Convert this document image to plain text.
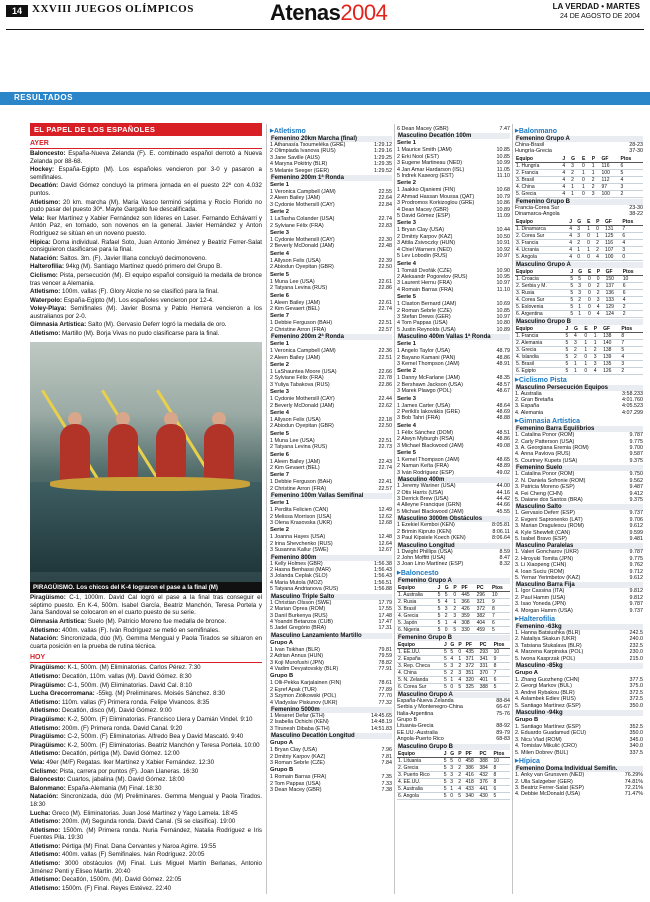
14 XXVIII JUEGOS OLÍMPICOS	Atenas2004	LA VERDAD • MARTES
24 DE AGOSTO DE 2004
RESULTADOS
EL PAPEL DE LOS ESPAÑOLES
AYER
Baloncesto: España-Nueva Zelanda (F). E. combinado español derrotó a Nueva Zelanda por 88-68.
Hockey: España-Egipto (M). Los españoles vencieron por 3-0 y pasaron a semifinales.
Decatlón: David Gómez concluyó la primera jornada en el puesto 22º con 4.032 puntos.
Atletismo: 20 km. marcha (M). María Vasco terminó séptima y Rocío Florido no pudo pasar del puesto 30º. Mayte Gargallo fue descalificada.
Vela: Iker Martínez y Xabier Fernández son líderes en Laser. Fernando Echávarri y Antón Paz, en tornado, son novenos en la general. Javier Hernández y Anton Rodríguez se sitúan en un noveno puesto.
Hípica: Doma individual. Rafael Soto, Juan Antonio Jiménez y Beatriz Ferrer-Salat consiguieron clasificarse para la final.
Natación: Saltos. 3m. (F). Javier Illana concluyó decimonoveno.
Halterofilia: 94kg (M). Santiago Martínez quedó primero del Grupo B.
Ciclismo: Pista, persecución (M). El equipo español consiguió la medalla de bronce tras vencer a Alemania.
Atletismo: 100m. vallas (F). Glory Alozie no se clasificó para la final.
Waterpolo: España-Egipto (M). Los españoles vencieron por 12-4.
Voley-Playa: Semifinales (M). Javier Bosma y Pablo Herrera vencieron a los australianos por 2-0.
Gimnasia Artística: Salto (M). Gervasio Deferr logró la medalla de oro.
Atletismo: Martillo (M). Borja Vivas no pudo clasificarse para la final.
PIRAGÜISMO. Los chicos del K-4 lograron el pase a la final (M)
Piragüismo: C-1, 1000m. David Cal logró el pase a la final tras conseguir el séptimo puesto. En K-4, 500m. Isabel García, Beatriz Manchón, Teresa Portela y Jana Sandoval se colocaron en el cuarto puesto de su serie.
Gimnasia Artística: Suelo (M). Patricio Moreno fue medalla de bronce.
Atletismo: 400m. vallas (F). Iván Rodríguez se metió en semifinales.
Natación: Sincronizada, dúo (M). Gemma Mengual y Paola Tirados se situaron en cuarta posición en la prueba de rutina técnica.
HOY
Piragüismo: K-1, 500m. (M) Eliminatorias. Carlos Pérez. 7:30
Atletismo: Decatlón, 110m. vallas (M). David Gómez. 8:30
Piragüismo: C-1, 500m. (M) Eliminatorias. David Cal. 8:10
Lucha Grecorromana: -55kg. (M) Preliminares. Moisés Sánchez. 8:30
Atletismo: 110m. vallas (F) Primera ronda. Felipe Vivancos. 8:35
Atletismo: Decatlón, disco (M). David Gómez. 9:00
Piragüismo: K-2, 500m. (F) Eliminatorias. Francisco Llera y Damián Vindel. 9:10
Atletismo: 200m. (F) Primera ronda. David Canal. 9:20
Piragüismo: C-2, 500m. (F) Eliminatorias. Alfredo Bea y David Mascató. 9:40
Piragüismo: K-2, 500m. (F) Eliminatorias. Beatriz Manchón y Teresa Portela. 10:00
Atletismo: Decatlón, pértiga (M). David Gómez. 12:00
Vela: 49er (M/F) Regatas. Iker Martínez y Xabier Fernández. 12:30
Ciclismo: Pista, carrera por puntos (F). Joan Llaneras. 16:30
Baloncesto: Cuartos, jabalina (M). David Gómez. 18:00
Balonmano: España-Alemania (M) Final. 18:30
Natación: Sincronizada, dúo (M) Preliminares. Gemma Mengual y Paola Tirados. 18:30
Lucha: Greco (M). Eliminatorias. Juan José Martínez y Yago Lamela. 18:45
Atletismo: 200m. (M) Segunda ronda. David Canal. (Si se clasifica). 19:00
Atletismo: 1500m. (M) Primera ronda. Nuria Fernández, Natalia Rodríguez e Iris Fuentes Pila. 19:30
Atletismo: Pértiga (M) Final. Dana Cervantes y Naroa Agirre. 19:55
Atletismo: 400m. vallas (F) Semifinales. Iván Rodríguez. 20:05
Atletismo: 3000 obstáculos (M) Final. Luis Miguel Martín Berlanas, Antonio Jiménez Penti y Eliseo Martín. 20:40
Atletismo: Decatlón, 1500m. (M). David Gómez. 22:05
Atletismo: 1500m. (F) Final. Reyes Estévez. 22:40
▶ Atletismo
Femenino 20km Marcha (final)
1 Athanasía Tsoumeléka (GRE)	1:29.12
2 Olimpiada Ivanova (RUS)	1:29.16
3 Jane Saville (AUS)	1:29.25
4 Maryna Pokitriy (BLR)	1:29.35
5 Melanie Seeger (GER)	1:29.52
Femenino 200m 1ª Ronda
Serie 1
1 Veronica Campbell (JAM)	22.55
2 Aleen Bailey (JAM)	22.64
3 Cydonie Mothersill (CAY)	22.84
Serie 2
1 LaTasha Colander (USA)	22.74
2 Sylviane Félix (FRA)	22.83
Serie 3
1 Cydonie Mothersill (CAY)	22.30
2 Beverly McDonald (JAM)	22.48
Serie 4
1 Allyson Felix (USA)	22.39
2 Abiodun Oyepitan (GBR)	22.50
Serie 5
1 Muna Lee (USA)	22.61
2 Tatyana Levina (RUS)	22.86
Serie 6
1 Aleen Bailey (JAM)	22.61
2 Kim Gevaert (BEL)	22.74
Serie 7
1 Debbie Ferguson (BAH)	22.51
2 Christine Arron (FRA)	22.57
Femenino 200m 2ª Ronda
Serie 1
1 Veronica Campbell (JAM)	22.36
2 Aleen Bailey (JAM)	22.51
Serie 2
1 LaShauntea Moore (USA)	22.66
2 Sylviane Félix (FRA)	22.78
3 Yuliya Tabakova (RUS)	22.86
Serie 3
1 Cydonie Mothersill (CAY)	22.44
2 Beverly McDonald (JAM)	22.62
Serie 4
1 Allyson Felix (USA)	22.18
2 Abiodun Oyepitan (GBR)	22.50
Serie 5
1 Muna Lee (USA)	22.51
2 Tatyana Levina (RUS)	22.73
Serie 6
1 Aleen Bailey (JAM)	22.43
2 Kim Gevaert (BEL)	22.74
Serie 7
1 Debbie Ferguson (BAH)	22.41
2 Christine Arron (FRA)	22.57
Femenino 100m Vallas Semifinal
Serie 1
1 Perdita Felicien (CAN)	12.49
2 Melissa Morrison (USA)	12.62
3 Olena Krasovska (UKR)	12.68
Serie 2
1 Joanna Hayes (USA)	12.48
2 Irina Shevchenko (RUS)	12.64
3 Susanna Kallur (SWE)	12.67
Femenino 800m
1 Kelly Holmes (GBR)	1:56.38
2 Hasna Benhassi (MAR)	1:56.43
3 Jolanda Ceplak (SLO)	1:56.43
4 Maria Mutola (MOZ)	1:56.51
5 Tatyana Andrianova (RUS)	1:56.88
Masculino Triple Salto
1 Christian Olsson (SWE)	17.79
2 Marian Oprea (ROM)	17.55
3 Danil Burkenya (RUS)	17.48
4 Yoandri Betanzos (CUB)	17.47
5 Jadel Gregório (BRA)	17.31
Masculino Lanzamiento Martillo
Grupo A
1 Ivan Tsikhan (BLR)	79.81
2 Adrian Annus (HUN)	79.59
3 Koji Murofushi (JPN)	78.82
4 Vadim Devyatovskiy (BLR)	77.91
Grupo B
1 Olli-Pekka Karjalainen (FIN)	78.61
2 Eşref Apak (TUR)	77.89
3 Szymon Ziółkowski (POL)	77.70
4 Vladyslav Piskunov (UKR)	77.32
Femenino 5000m
1 Meseret Defar (ETH)	14:45.65
2 Isabella Ochichi (KEN)	14:48.19
3 Tirunesh Dibaba (ETH)	14:51.83
Masculino Decatlón Longitud
Grupo A
1 Bryan Clay (USA)	7.96
2 Dmitriy Karpov (KAZ)	7.81
3 Roman Šebrle (CZE)	7.84
Grupo B
1 Romain Barras (FRA)	7.35
2 Tom Pappas (USA)	7.33
3 Dean Macey (GBR)	7.38
6 Dean Macey (GBR)	7.47
Masculino Decatlón 100m
Serie 1
1 Maurice Smith (JAM)	10.85
2 Erki Nool (EST)	10.85
3 Eugene Martineau (NED)	10.99
4 Jan Amar Hardarson (ISL)	11.05
5 Indrek Kaseorg (EST)	11.10
Serie 2
1 Jaakko Ojaniemi (FIN)	10.68
2 Ahmad Hassan Moussa (QAT)	10.79
3 Prodromos Korkizoglou (GRE)	10.86
4 Dean Macey (GBR)	10.89
5 David Gómez (ESP)	11.09
Serie 3
1 Bryan Clay (USA)	10.44
2 Dmitriy Karpov (KAZ)	10.50
3 Attila Zsivoczky (HUN)	10.91
4 Chiel Warners (NED)	10.92
5 Lev Lobodin (RUS)	10.97
Serie 4
1 Tomáš Dvořák (CZE)	10.90
2 Aleksandr Pogorelov (RUS)	10.95
3 Laurent Hernu (FRA)	10.97
4 Romain Barras (FRA)	11.10
Serie 5
1 Claston Bernard (JAM)	10.69
2 Roman Šebrle (CZE)	10.85
3 Stefan Drews (GER)	10.97
4 Tom Pappas (USA)	10.80
5 Justin Reynolds (USA)	10.89
Masculino 400m Vallas 1ª Ronda
Serie 1
1 Angelo Taylor (USA)	48.79
2 Bayano Kamani (PAN)	48.86
3 Kemel Thompson (JAM)	48.91
Serie 2
1 Danny McFarlane (JAM)	48.35
2 Bershawn Jackson (USA)	48.57
3 Marek Plawgo (POL)	48.67
Serie 3
1 James Carter (USA)	48.64
2 Periklís Iakovákis (GRE)	48.69
3 Bob Tahri (FRA)	48.88
Serie 4
1 Félix Sánchez (DOM)	48.51
2 Alwyn Myburgh (RSA)	48.86
3 Michael Blackwood (JAM)	49.08
Serie 5
1 Kemel Thompson (JAM)	48.65
2 Naman Keïta (FRA)	48.89
3 Iván Rodríguez (ESP)	49.02
Masculino 400m
1 Jeremy Wariner (USA)	44.00
2 Otis Harris (USA)	44.16
3 Derrick Brew (USA)	44.42
4 Alleyne Francique (GRN)	44.66
5 Michael Blackwood (JAM)	45.55
Masculino 3000m Obstáculos
1 Ezekiel Kemboi (KEN)	8:05.81
2 Brimin Kipruto (KEN)	8:06.11
3 Paul Kipsiele Koech (KEN)	8:06.64
Masculino Longitud
1 Dwight Phillips (USA)	8.59
2 John Moffitt (USA)	8.47
3 Joan Lino Martínez (ESP)	8.32
▶ Baloncesto
Femenino Grupo A
Equipo	J	G	P	PF	PC	Ptos
1. Australia	5	5	0	445	296	10
2. Rusia	5	4	1	366	321	9
3. Brasil	5	3	2	426	372	8
4. Grecia	5	2	3	359	382	7
5. Japón	5	1	4	308	404	6
6. Nigeria	5	0	5	330	459	5
Femenino Grupo B
Equipo	J	G	P	PF	PC	Ptos
1. EE.UU.	5	5	0	435	293	10
2. España	5	4	1	371	341	9
3. Rep. Checa	5	3	2	372	331	8
4. China	5	2	3	351	370	7
5. N. Zelanda	5	1	4	320	401	6
6. Corea Sur	5	0	5	325	388	5
Masculino Grupo A
España-Nueva Zelanda	88-84
Serbia y Montenegro-China	66-67
Italia-Argentina	75-76
Grupo B
Lituania-Grecia	88-92
EE.UU.-Australia	89-79
Angola-Puerto Rico	68-83
Masculino Grupo B
Equipo	J	G	P	PF	PC	Ptos
1. Lituania	5	5	0	458	388	10
2. Grecia	5	3	2	386	384	8
3. Puerto Rico	5	3	2	416	432	8
4. EE.UU.	5	3	2	418	376	8
5. Australia	5	1	4	433	441	6
6. Angola	5	0	5	340	430	5
▶ Balonmano
Femenino Grupo A
China-Brasil	28-23
Hungría-Grecia	37-30
Equipo	J	G	E	P	GF	Ptos
1. Hungría	4	3	0	1	116	6
2. Francia	4	2	1	1	100	5
3. Brasil	4	2	0	2	112	4
4. China	4	1	1	2	97	3
5. Grecia	4	1	0	3	100	2
Femenino Grupo B
Francia-Corea Sur	23-30
Dinamarca-Angola	38-22
Equipo	J	G	E	P	GF	Ptos
1. Dinamarca	4	3	1	0	131	7
2. Corea Sur	4	3	0	1	125	6
3. Francia	4	2	0	2	116	4
4. Ucrania	4	1	1	2	107	3
5. Angola	4	0	0	4	100	0
Masculino Grupo A
Equipo	J	G	E	P	GF	Ptos
1. Croacia	5	5	0	0	150	10
2. Serbia y M.	5	3	0	2	137	6
3. Rusia	5	3	0	2	136	6
4. Corea Sur	5	2	0	3	133	4
5. Eslovenia	5	1	0	4	129	2
6. Argentina	5	1	0	4	124	2
Masculino Grupo B
Equipo	J	G	E	P	GF	Ptos
1. Francia	5	4	0	1	138	8
2. Alemania	5	3	1	1	140	7
3. Grecia	5	2	1	2	138	5
4. Islandia	5	2	0	3	139	4
5. Brasil	5	1	1	3	135	3
6. Egipto	5	1	0	4	126	2
▶ Ciclismo Pista
Masculino Persecución Equipos
1. Australia	3:58.233
2. Gran Bretaña	4:01.760
3. España	4:05.523
4. Alemania	4:07.299
▶ Gimnasia Artística
Femenino Barra Equilibrios
1. Catalina Ponor (ROM)	9.787
2. Carly Patterson (USA)	9.775
3. A. Georgiana Eremia (ROM)	9.700
4. Anna Pavlova (RUS)	9.587
5. Courtney Kupets (USA)	9.375
Femenino Suelo
1. Catalina Ponor (ROM)	9.750
2. N. Daniela Sofronie (ROM)	9.562
3. Patricia Moreno (ESP)	9.487
4. Fei Cheng (CHN)	9.412
5. Daiane dos Santos (BRA)	9.375
Masculino Salto
1. Gervasio Deferr (ESP)	9.737
2. Evgeni Sapronenko (LAT)	9.706
3. Marian Dragulescu (ROM)	9.612
4. Kyle Shewfelt (CAN)	9.599
5. Isabel Bravo (ESP)	9.481
Masculino Paralelas
1. Valeri Goncharov (UKR)	9.787
2. Hiroyuki Tomita (JPN)	9.775
3. Li Xiaopeng (CHN)	9.762
4. Ioan Suciu (ROM)	9.712
5. Yernar Yerimbetov (KAZ)	9.612
Masculino Barra Fija
1. Igor Cassina (ITA)	9.812
2. Paul Hamm (USA)	9.812
3. Isao Yoneda (JPN)	9.787
4. Morgan Hamm (USA)	9.737
▶ Halterofilia
Femenino -63kg
1. Hanna Batsiushka (BLR)	242.5
2. Nataliya Skakun (UKR)	240.0
3. Tatsiana Stukalava (BLR)	232.5
4. Marzena Karpinska (POL)	230.0
5. Iwona Kasprzak (POL)	215.0
Masculino -85kg
Grupo A
1. Zhang Guozheng (CHN)	377.5
2. Georgi Markov (BUL)	375.0
3. Andrei Rybakou (BLR)	372.5
4. Aslambek Ediev (RUS)	372.5
5. Santiago Martínez (ESP)	350.0
Masculino -94kg
Grupo B
1. Santiago Martínez (ESP)	352.5
2. Eduardo Guadamud (ECU)	350.0
3. Nicu Vlad (ROM)	345.0
4. Tomislav Mikulić (CRO)	340.0
5. Milen Dobrev (BUL)	337.5
▶ Hípica
Femenino Doma Individual Semifin.
1. Anky van Grunsven (NED)	76.29%
2. Ulla Salzgeber (GER)	74.81%
3. Beatriz Ferrer-Salat (ESP)	72.21%
4. Debbie McDonald (USA)	71.47%
